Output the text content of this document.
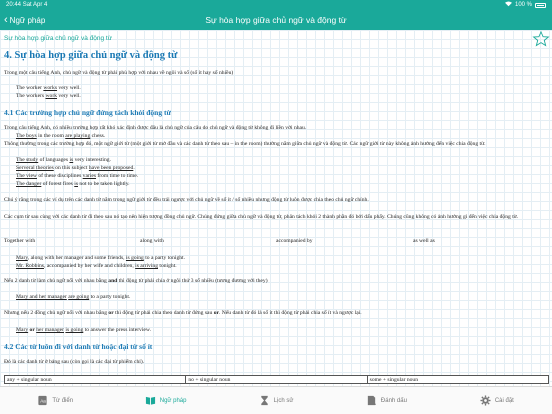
20:44 Sat Apr 4	100 %
‹ Ngữ pháp	Sự hòa hợp giữa chủ ngữ và động từ
Sự hòa hợp giữa chủ ngữ và động từ
4. Sự hòa hợp giữa chủ ngữ và động từ
Trong một câu tiếng Anh, chủ ngữ và động từ phải phù hợp với nhau về ngôi và số (số ít hay số nhiều)
The worker works very well.
The workers work very well.
4.1 Các trường hợp chủ ngữ đứng tách khỏi động từ
Trong câu tiếng Anh, có nhiều trường hợp rất khó xác định được đâu là chủ ngữ của câu do chủ ngữ và động từ không đi liền với nhau.
The boys in the room are playing chess.
Thông thường trong các trường hợp đó, một ngữ giới từ (một giới từ mở đầu và các danh từ theo sau – in the room) thường nằm giữa chủ ngữ và động từ. Các ngữ giới từ này không ảnh hưởng đến việc chia động từ.
The study of languages is very interesting.
Serveral theories on this subject have been proposed.
The view of these disciplines varies from time to time.
The danger of forest fires is not to be taken lightly.
Chú ý rằng trong các ví dụ trên các danh từ nằm trong ngữ giới từ đều trái ngược với chủ ngữ về số ít / số nhiều nhưng động từ luôn được chia theo chủ ngữ chính.
Các cụm từ sau cùng với các danh từ đi theo sau nó tạo nên hiện tượng đồng chủ ngữ. Chúng đứng giữa chủ ngữ và động từ, phân tách khỏi 2 thành phần đó bởi dấu phẩy. Chúng cũng không có ảnh hưởng gì đến việc chia động từ.
Together with	along with	accompanied by	as well as
Mary, along with her manager and some friends, is going to a party tonight.
Mr. Robbins, accompanied by her wife and children, is arriving tonight.
Nếu 2 danh từ làm chủ ngữ nối với nhau bằng and thì động từ phải chia ở ngôi thứ 3 số nhiều (tương đương với they)
Mary and her manager are going to a party tonight.
Nhưng nếu 2 đồng chủ ngữ nối với nhau bằng or thì động từ phải chia theo danh từ đứng sau or. Nếu danh từ đó là số ít thì động từ phải chia số ít và ngược lại.
Mary or her manager is going to answer the press interview.
4.2 Các từ luôn đi với danh từ hoặc đại từ số ít
Đó là các danh từ ở bảng sau (còn gọi là các đại từ phiếm chỉ).
any + singular noun	no + singular noun	some + singular noun
Aa Từ điển	Ngữ pháp	Lịch sử	Đánh dấu	Cài đặt
